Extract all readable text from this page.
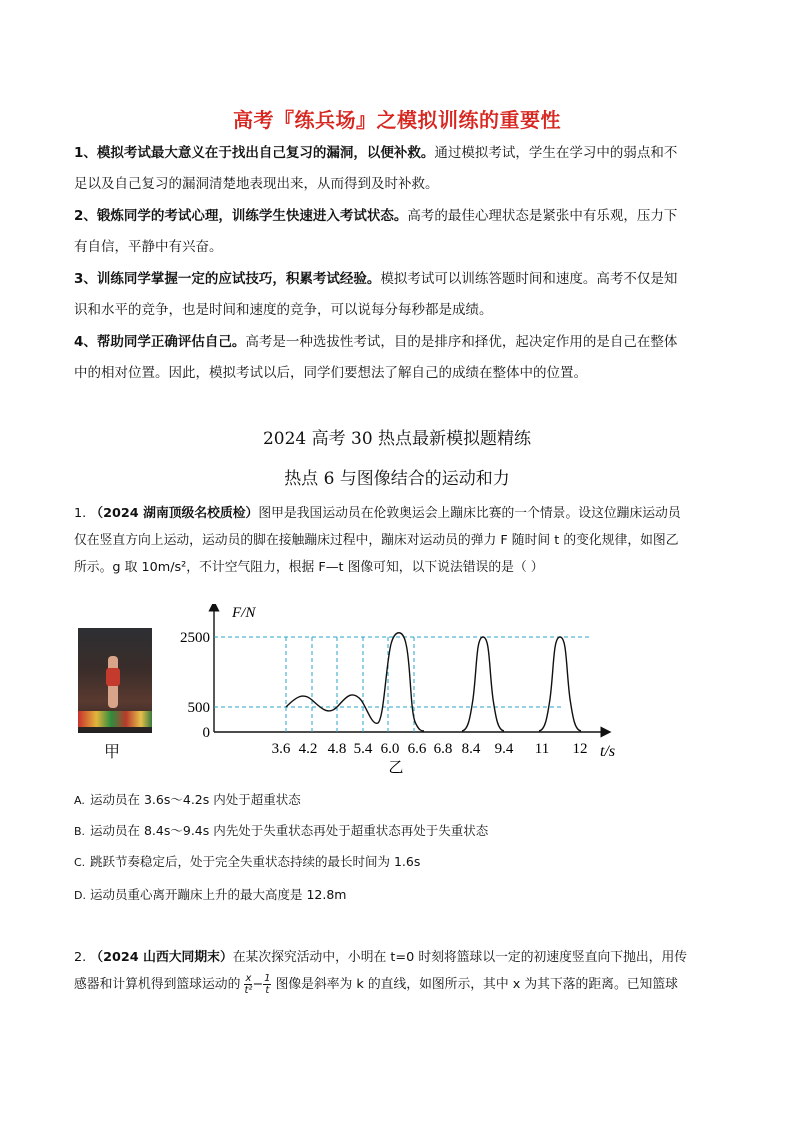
高考『练兵场』之模拟训练的重要性
1、模拟考试最大意义在于找出自己复习的漏洞，以便补救。通过模拟考试，学生在学习中的弱点和不
足以及自己复习的漏洞清楚地表现出来，从而得到及时补救。
2、锻炼同学的考试心理，训练学生快速进入考试状态。高考的最佳心理状态是紧张中有乐观，压力下
有自信，平静中有兴奋。
3、训练同学掌握一定的应试技巧，积累考试经验。模拟考试可以训练答题时间和速度。高考不仅是知
识和水平的竞争，也是时间和速度的竞争，可以说每分每秒都是成绩。
4、帮助同学正确评估自己。高考是一种选拔性考试，目的是排序和择优，起决定作用的是自己在整体
中的相对位置。因此，模拟考试以后，同学们要想法了解自己的成绩在整体中的位置。
2024 高考 30 热点最新模拟题精练
热点 6 与图像结合的运动和力
1. （2024 湖南顶级名校质检）图甲是我国运动员在伦敦奥运会上蹦床比赛的一个情景。设这位蹦床运动员
仅在竖直方向上运动，运动员的脚在接触蹦床过程中，蹦床对运动员的弹力 F 随时间 t 的变化规律，如图乙
所示。g 取 10m/s²，不计空气阻力，根据 F—t 图像可知，以下说法错误的是（ ）
甲
F/N
2500
500
0
3.6 4.2 4.8 5.4 6.0 6.6 6.8 8.4 9.4 11 12 t/s
乙
A. 运动员在 3.6s～4.2s 内处于超重状态
B. 运动员在 8.4s～9.4s 内先处于失重状态再处于超重状态再处于失重状态
C. 跳跃节奏稳定后，处于完全失重状态持续的最长时间为 1.6s
D. 运动员重心离开蹦床上升的最大高度是 12.8m
2. （2024 山西大同期末）在某次探究活动中，小明在 t=0 时刻将篮球以一定的初速度竖直向下抛出，用传
感器和计算机得到篮球运动的 $\frac{x}{\text{t²}} - \frac{1}{t}$ 图像是斜率为 k 的直线，如图所示，其中 x 为其下落的距离。已知篮球
